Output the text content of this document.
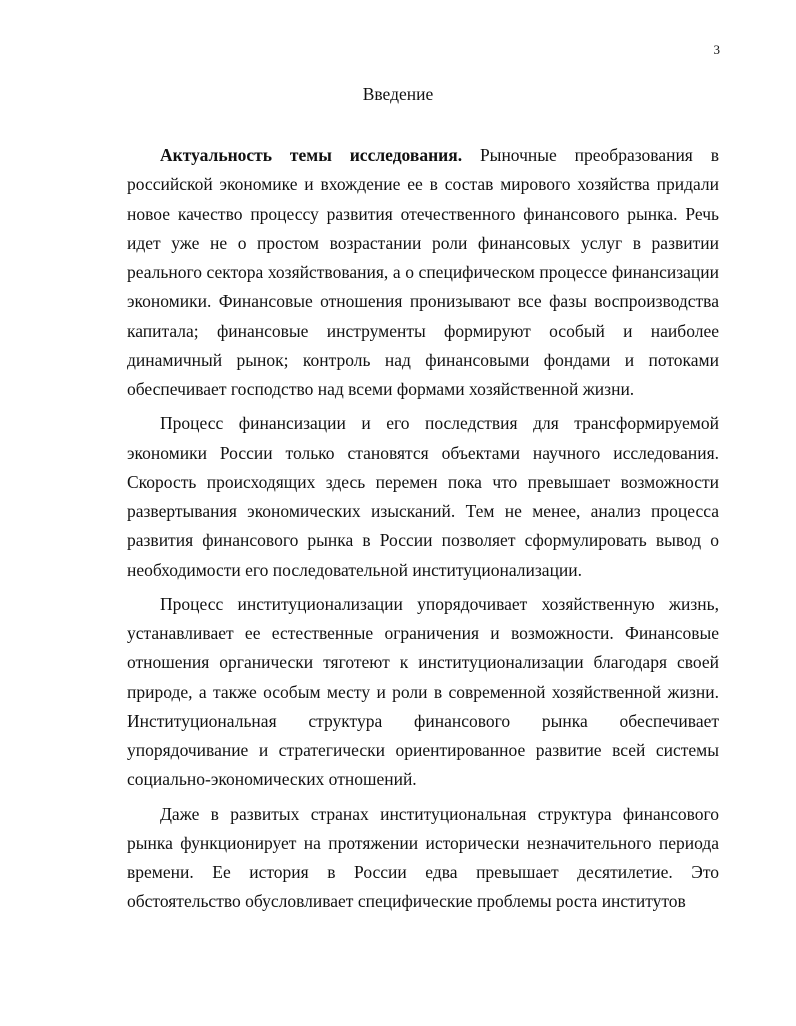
3
Введение

Актуальность темы исследования. Рыночные преобразования в российской экономике и вхождение ее в состав мирового хозяйства придали новое качество процессу развития отечественного финансового рынка. Речь идет уже не о простом возрастании роли финансовых услуг в развитии реального сектора хозяйствования, а о специфическом процессе финансизации экономики. Финансовые отношения пронизывают все фазы воспроизводства капитала; финансовые инструменты формируют особый и наиболее динамичный рынок; контроль над финансовыми фондами и потоками обеспечивает господство над всеми формами хозяйственной жизни.

Процесс финансизации и его последствия для трансформируемой экономики России только становятся объектами научного исследования. Скорость происходящих здесь перемен пока что превышает возможности развертывания экономических изысканий. Тем не менее, анализ процесса развития финансового рынка в России позволяет сформулировать вывод о необходимости его последовательной институционализации.

Процесс институционализации упорядочивает хозяйственную жизнь, устанавливает ее естественные ограничения и возможности. Финансовые отношения органически тяготеют к институционализации благодаря своей природе, а также особым месту и роли в современной хозяйственной жизни. Институциональная структура финансового рынка обеспечивает упорядочивание и стратегически ориентированное развитие всей системы социально-экономических отношений.

Даже в развитых странах институциональная структура финансового рынка функционирует на протяжении исторически незначительного периода времени. Ее история в России едва превышает десятилетие. Это обстоятельство обусловливает специфические проблемы роста институтов
